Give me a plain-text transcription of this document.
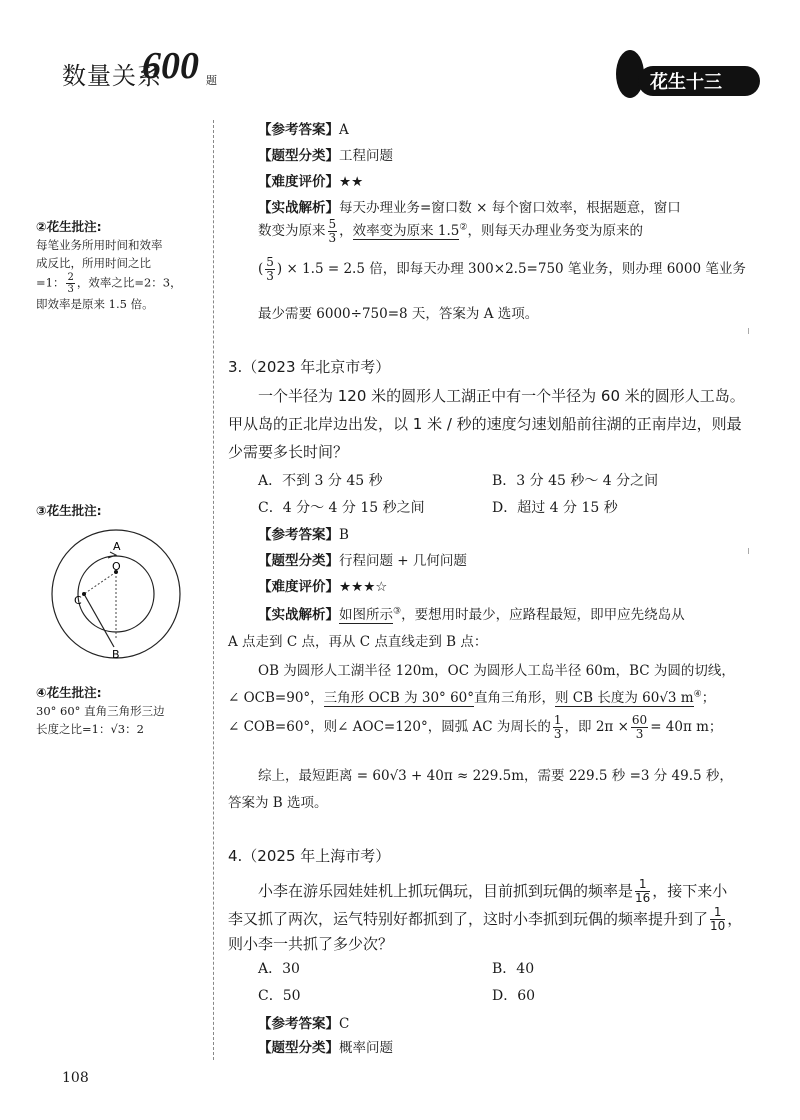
数量关系
600 题	花生十三
②花生批注:
每笔业务所用时间和效率
成反比，所用时间之比
=1： $\frac{2}{3}$ ，效率之比=2：3，
即效率是原来 1.5 倍。
③花生批注:
A
O
C
B
④花生批注:
30° 60° 直角三角形三边
长度之比=1：√3：2
【参考答案】A
【题型分类】工程问题
【难度评价】★★
【实战解析】每天办理业务=窗口数 × 每个窗口效率，根据题意，窗口
数变为原来 $\frac{5}{3}$ ，效率变为原来 1.5②，则每天办理业务变为原来的
( $\frac{5}{3}$ ) × 1.5 = 2.5 倍，即每天办理 300×2.5=750 笔业务，则办理 6000 笔业务
最少需要 6000÷750=8 天，答案为 A 选项。
3.（2023 年北京市考）
一个半径为 120 米的圆形人工湖正中有一个半径为 60 米的圆形人工岛。
甲从岛的正北岸边出发，以 1 米 / 秒的速度匀速划船前往湖的正南岸边，则最
少需要多长时间？
A．不到 3 分 45 秒	B．3 分 45 秒～ 4 分之间
C．4 分～ 4 分 15 秒之间	D．超过 4 分 15 秒
【参考答案】B
【题型分类】行程问题 + 几何问题
【难度评价】★★★☆
【实战解析】如图所示③，要想用时最少，应路程最短，即甲应先绕岛从
A 点走到 C 点，再从 C 点直线走到 B 点：
OB 为圆形人工湖半径 120m，OC 为圆形人工岛半径 60m，BC 为圆的切线，
∠ OCB=90°，三角形 OCB 为 30° 60°直角三角形，则 CB 长度为 60√3 m④；
∠ COB=60°，则∠ AOC=120°，圆弧 AC 为周长的 $\frac{1}{3}$ ，即 $2\pi \times \frac{60}{3} = 40\pi$ m；
综上，最短距离 = 60√3 + 40π ≈ 229.5m，需要 229.5 秒 =3 分 49.5 秒，
答案为 B 选项。
4.（2025 年上海市考）
小李在游乐园娃娃机上抓玩偶玩，目前抓到玩偶的频率是 $\frac{1}{16}$ ，接下来小
李又抓了两次，运气特别好都抓到了，这时小李抓到玩偶的频率提升到了 $\frac{1}{10}$ ，
则小李一共抓了多少次？
A．30	B．40
C．50	D．60
【参考答案】C
【题型分类】概率问题
108
